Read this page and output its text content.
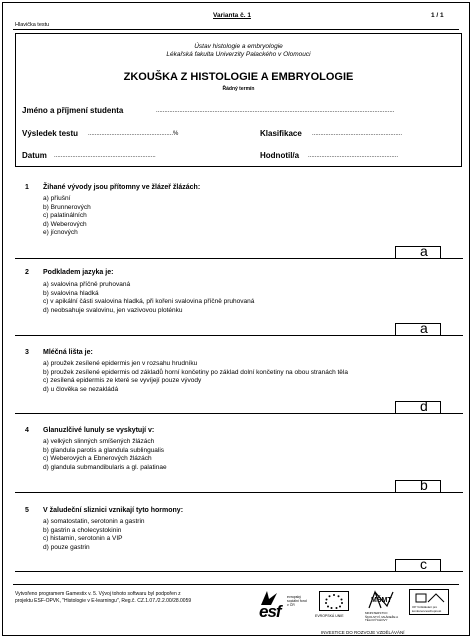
Varianta č. 1	1 / 1
Hlavička testu
Ústav histologie a embryologie
Lékařská fakulta Univerzity Palackého v Olomouci
ZKOUŠKA Z HISTOLOGIE A EMBRYOLOGIE
Řádný termín
Jméno a příjmení studenta	...............................................................................................................................................
Výsledek testu ...................................................%	Klasifikace ......................................................
Datum .............................................................	Hodnotil/a ......................................................
1 Žihané vývody jsou přítomny ve žlázeř žlázách:
a) příušní
b) Brunnerových
c) palatinálních
d) Weberových
e) jícnových
a
2 Podkladem jazyka je:
a) svalovina příčně pruhovaná
b) svalovina hladká
c) v apikální části svalovina hladká, při kořeni svalovina příčně pruhovaná
d) neobsahuje svalovinu, jen vazivovou ploténku
a
3 Mléčná lišta je:
a) proužek zesílené epidermis jen v rozsahu hrudníku
b) proužek zesílené epidermis od základů horní končetiny po základ dolní končetiny na obou stranách těla
c) zesílená epidermis ze které se vyvíjejí pouze vývody
d) u člověka se nezakládá
d
4 Glanuzlčivé lunuly se vyskytují v:
a) velkých slinných smíšených žlázách
b) glandula parotis a glandula sublingualis
c) Weberových a Ebnerových žlázách
d) glandula submandibularis a gl. palatinae
b
5 V žaludeční sliznici vznikají tyto hormony:
a) somatostatin, serotonin a gastrin
b) gastrin a cholecystokinin
c) histamin, serotonin a VIP
d) pouze gastrin
c
Vytvořeno programem Gamestix v. 5. Vývoj tohoto softwaru byl podpořen z
projektu ESF-OPVK, "Histologie v E-learningu", Reg.č. CZ.1.07./2.2.00/28.0059
esf
evropský sociální fond v ČR
EVROPSKÁ UNIE
MŠMT
MINISTERSTVO ŠKOLSTVÍ, MLÁDEŽE A TĚLOVÝCHOVY
OP Vzdělávání pro konkurenceschopnost
INVESTICE DO ROZVOJE VZDĚLÁVÁNÍ
